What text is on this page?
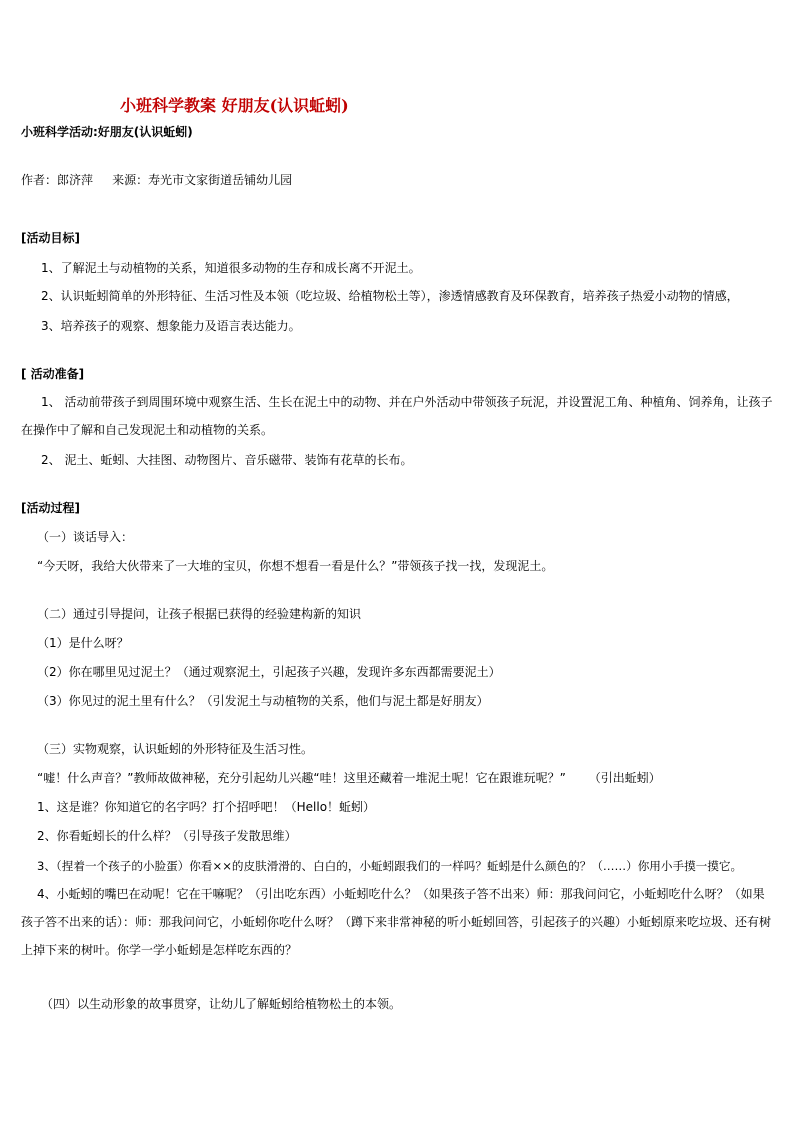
小班科学教案 好朋友(认识蚯蚓)
小班科学活动:好朋友(认识蚯蚓)
作者：郎济萍     来源：寿光市文家街道岳铺幼儿园
[活动目标]
1、了解泥土与动植物的关系，知道很多动物的生存和成长离不开泥土。
2、认识蚯蚓简单的外形特征、生活习性及本领（吃垃圾、给植物松土等），渗透情感教育及环保教育，培养孩子热爱小动物的情感，
3、培养孩子的观察、想象能力及语言表达能力。
[ 活动准备]
1、 活动前带孩子到周围环境中观察生活、生长在泥土中的动物、并在户外活动中带领孩子玩泥，并设置泥工角、种植角、饲养角，让孩子在操作中了解和自己发现泥土和动植物的关系。
2、 泥土、蚯蚓、大挂图、动物图片、音乐磁带、装饰有花草的长布。
[活动过程]
（一）谈话导入：
“今天呀，我给大伙带来了一大堆的宝贝，你想不想看一看是什么？”带领孩子找一找，发现泥土。
（二）通过引导提问，让孩子根据已获得的经验建构新的知识
（1）是什么呀？
（2）你在哪里见过泥土？（通过观察泥土，引起孩子兴趣，发现许多东西都需要泥土）
（3）你见过的泥土里有什么？（引发泥土与动植物的关系，他们与泥土都是好朋友）
（三）实物观察，认识蚯蚓的外形特征及生活习性。
“嘘！什么声音？”教师故做神秘，充分引起幼儿兴趣“哇！这里还藏着一堆泥土呢！它在跟谁玩呢？”      （引出蚯蚓）
1、这是谁？你知道它的名字吗？打个招呼吧！（Hello！蚯蚓）
2、你看蚯蚓长的什么样？（引导孩子发散思维）
3、（捏着一个孩子的小脸蛋）你看××的皮肤滑滑的、白白的，小蚯蚓跟我们的一样吗？蚯蚓是什么颜色的？（……）你用小手摸一摸它。
4、小蚯蚓的嘴巴在动呢！它在干嘛呢？（引出吃东西）小蚯蚓吃什么？（如果孩子答不出来）师：那我问问它，小蚯蚓吃什么呀？（如果孩子答不出来的话）：师：那我问问它，小蚯蚓你吃什么呀？（蹲下来非常神秘的听小蚯蚓回答，引起孩子的兴趣）小蚯蚓原来吃垃圾、还有树上掉下来的树叶。你学一学小蚯蚓是怎样吃东西的？
（四）以生动形象的故事贯穿，让幼儿了解蚯蚓给植物松土的本领。
